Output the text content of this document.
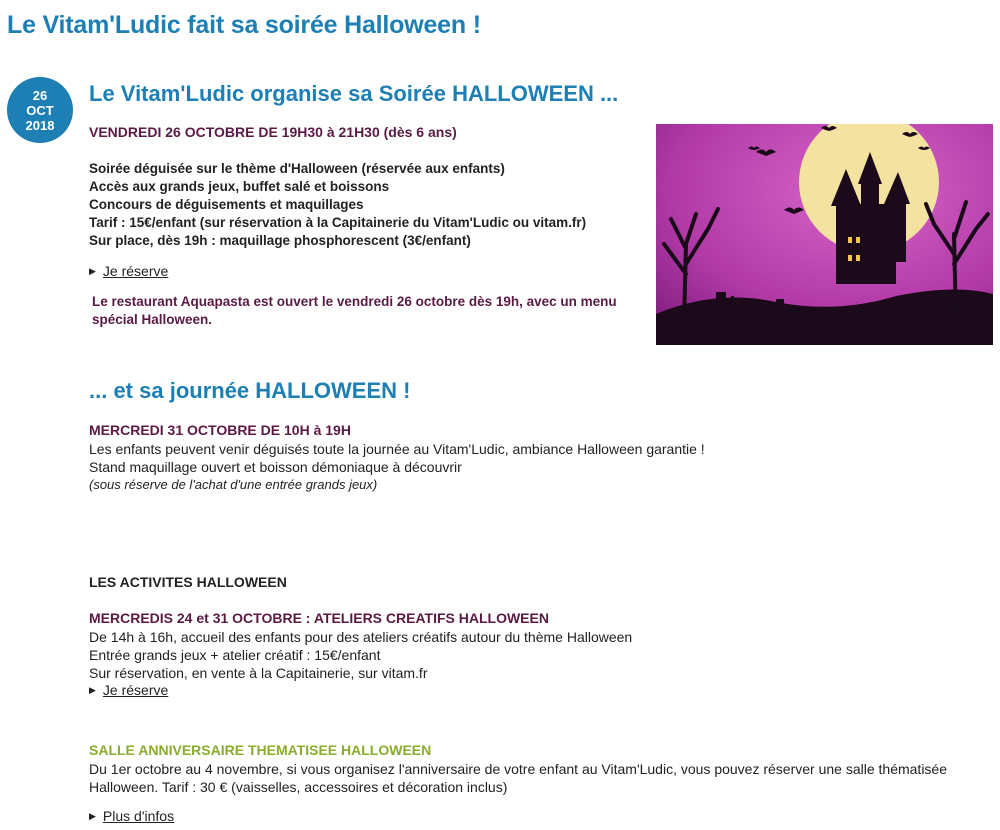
Le Vitam'Ludic fait sa soirée Halloween !
26
OCT
2018
Le Vitam'Ludic organise sa Soirée HALLOWEEN ...
VENDREDI 26 OCTOBRE DE 19H30 à 21H30 (dès 6 ans)
Soirée déguisée sur le thème d'Halloween (réservée aux enfants)
Accès aux grands jeux, buffet salé et boissons
Concours de déguisements et maquillages
Tarif : 15€/enfant (sur réservation à la Capitainerie du Vitam'Ludic ou vitam.fr)
Sur place, dès 19h : maquillage phosphorescent (3€/enfant)
▶ Je réserve
Le restaurant Aquapasta est ouvert le vendredi 26 octobre dès 19h, avec un menu spécial Halloween.
... et sa journée HALLOWEEN !
MERCREDI 31 OCTOBRE DE 10H à 19H
Les enfants peuvent venir déguisés toute la journée au Vitam'Ludic, ambiance Halloween garantie !
Stand maquillage ouvert et boisson démoniaque à découvrir
(sous réserve de l'achat d'une entrée grands jeux)
LES ACTIVITES HALLOWEEN
MERCREDIS 24 et 31 OCTOBRE : ATELIERS CREATIFS HALLOWEEN
De 14h à 16h, accueil des enfants pour des ateliers créatifs autour du thème Halloween
Entrée grands jeux + atelier créatif : 15€/enfant
Sur réservation, en vente à la Capitainerie, sur vitam.fr
▶ Je réserve
SALLE ANNIVERSAIRE THEMATISEE HALLOWEEN
Du 1er octobre au 4 novembre, si vous organisez l'anniversaire de votre enfant au Vitam'Ludic, vous pouvez réserver une salle thématisée Halloween. Tarif : 30 € (vaisselles, accessoires et décoration inclus)
▶ Plus d'infos
